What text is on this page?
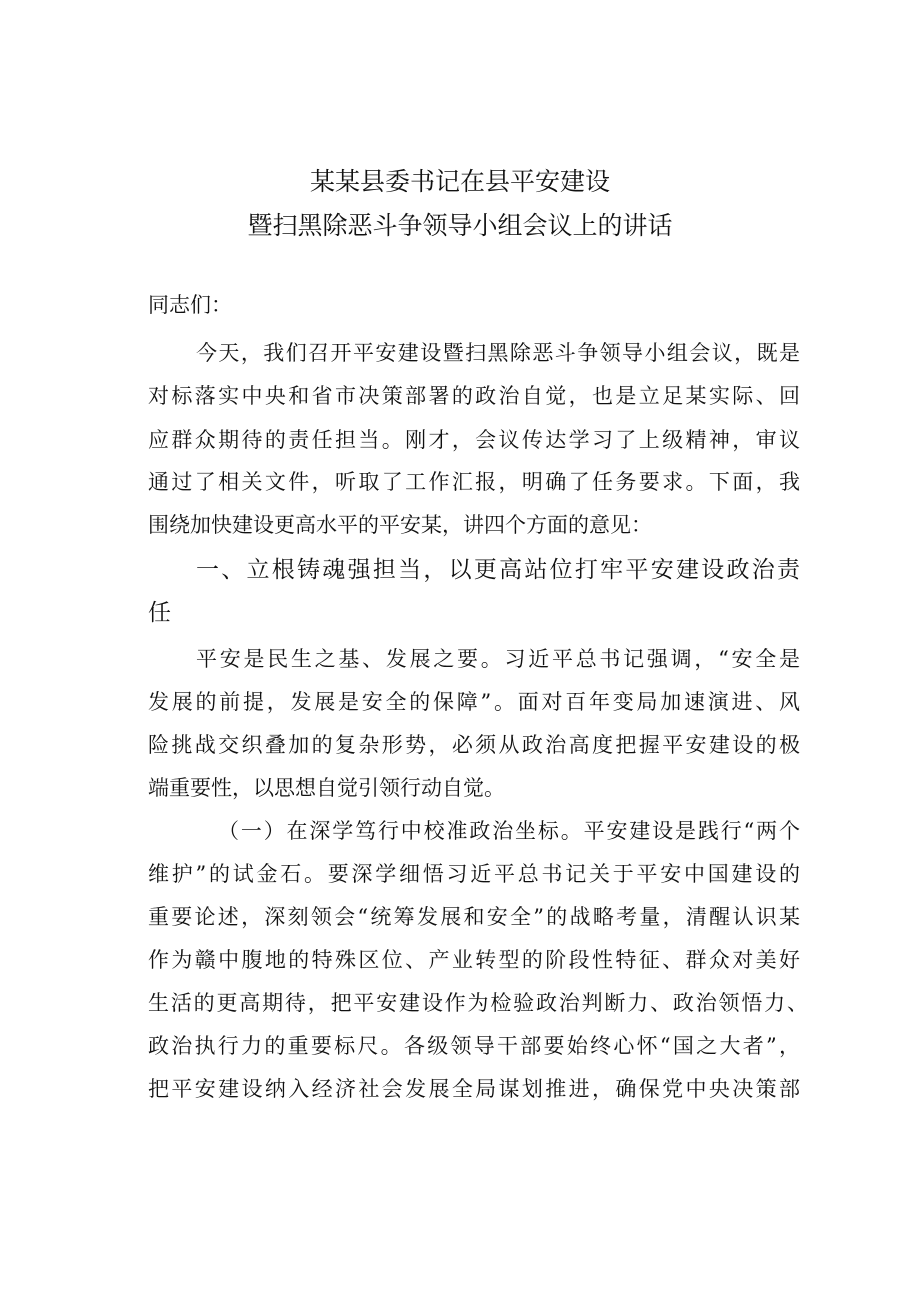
某某县委书记在县平安建设
暨扫黑除恶斗争领导小组会议上的讲话
同志们：
今天，我们召开平安建设暨扫黑除恶斗争领导小组会议，既是
对标落实中央和省市决策部署的政治自觉，也是立足某实际、回
应群众期待的责任担当。刚才，会议传达学习了上级精神，审议
通过了相关文件，听取了工作汇报，明确了任务要求。下面，我
围绕加快建设更高水平的平安某，讲四个方面的意见：
一、立根铸魂强担当，以更高站位打牢平安建设政治责
任
平安是民生之基、发展之要。习近平总书记强调，“安全是
发展的前提，发展是安全的保障”。面对百年变局加速演进、风
险挑战交织叠加的复杂形势，必须从政治高度把握平安建设的极
端重要性，以思想自觉引领行动自觉。
（一）在深学笃行中校准政治坐标。平安建设是践行“两个
维护”的试金石。要深学细悟习近平总书记关于平安中国建设的
重要论述，深刻领会“统筹发展和安全”的战略考量，清醒认识某
作为赣中腹地的特殊区位、产业转型的阶段性特征、群众对美好
生活的更高期待，把平安建设作为检验政治判断力、政治领悟力、
政治执行力的重要标尺。各级领导干部要始终心怀“国之大者”，
把平安建设纳入经济社会发展全局谋划推进，确保党中央决策部
